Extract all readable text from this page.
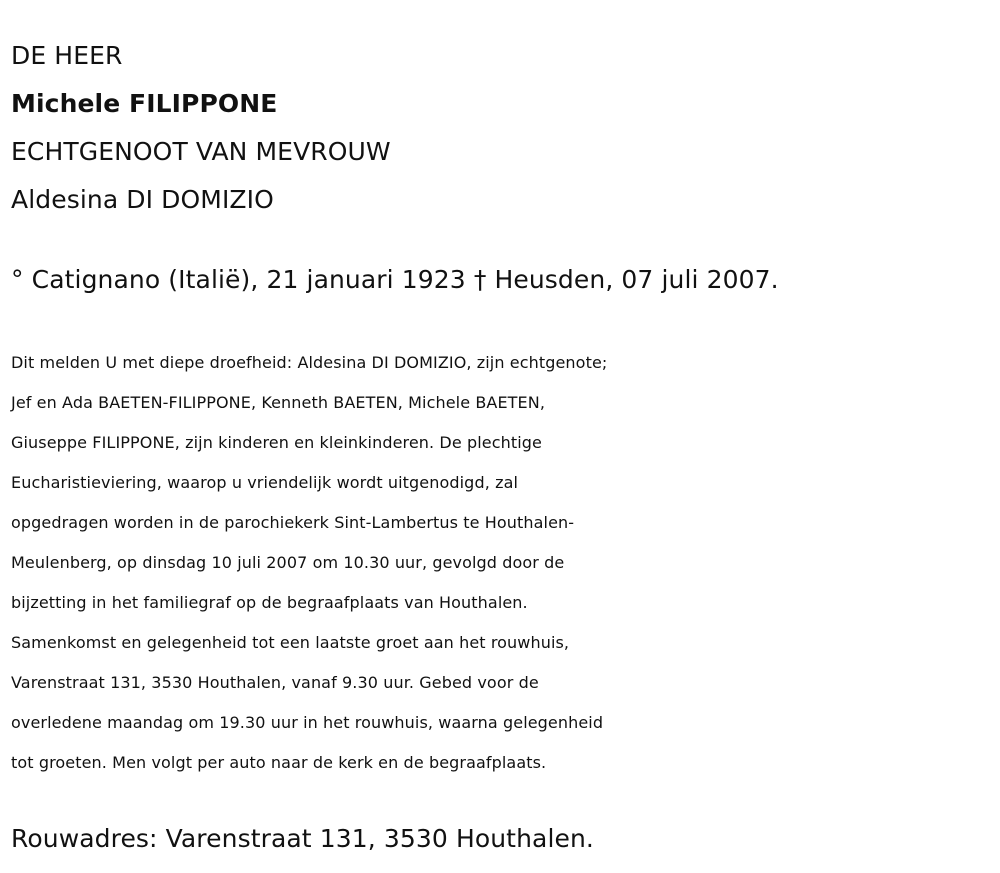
DE HEER
Michele FILIPPONE
ECHTGENOOT VAN MEVROUW
Aldesina DI DOMIZIO
° Catignano (Italië), 21 januari 1923 † Heusden, 07 juli 2007.
Dit melden U met diepe droefheid: Aldesina DI DOMIZIO, zijn echtgenote;
Jef en Ada BAETEN-FILIPPONE, Kenneth BAETEN, Michele BAETEN,
Giuseppe FILIPPONE, zijn kinderen en kleinkinderen. De plechtige
Eucharistieviering, waarop u vriendelijk wordt uitgenodigd, zal
opgedragen worden in de parochiekerk Sint-Lambertus te Houthalen-
Meulenberg, op dinsdag 10 juli 2007 om 10.30 uur, gevolgd door de
bijzetting in het familiegraf op de begraafplaats van Houthalen.
Samenkomst en gelegenheid tot een laatste groet aan het rouwhuis,
Varenstraat 131, 3530 Houthalen, vanaf 9.30 uur. Gebed voor de
overledene maandag om 19.30 uur in het rouwhuis, waarna gelegenheid
tot groeten. Men volgt per auto naar de kerk en de begraafplaats.
Rouwadres: Varenstraat 131, 3530 Houthalen.
